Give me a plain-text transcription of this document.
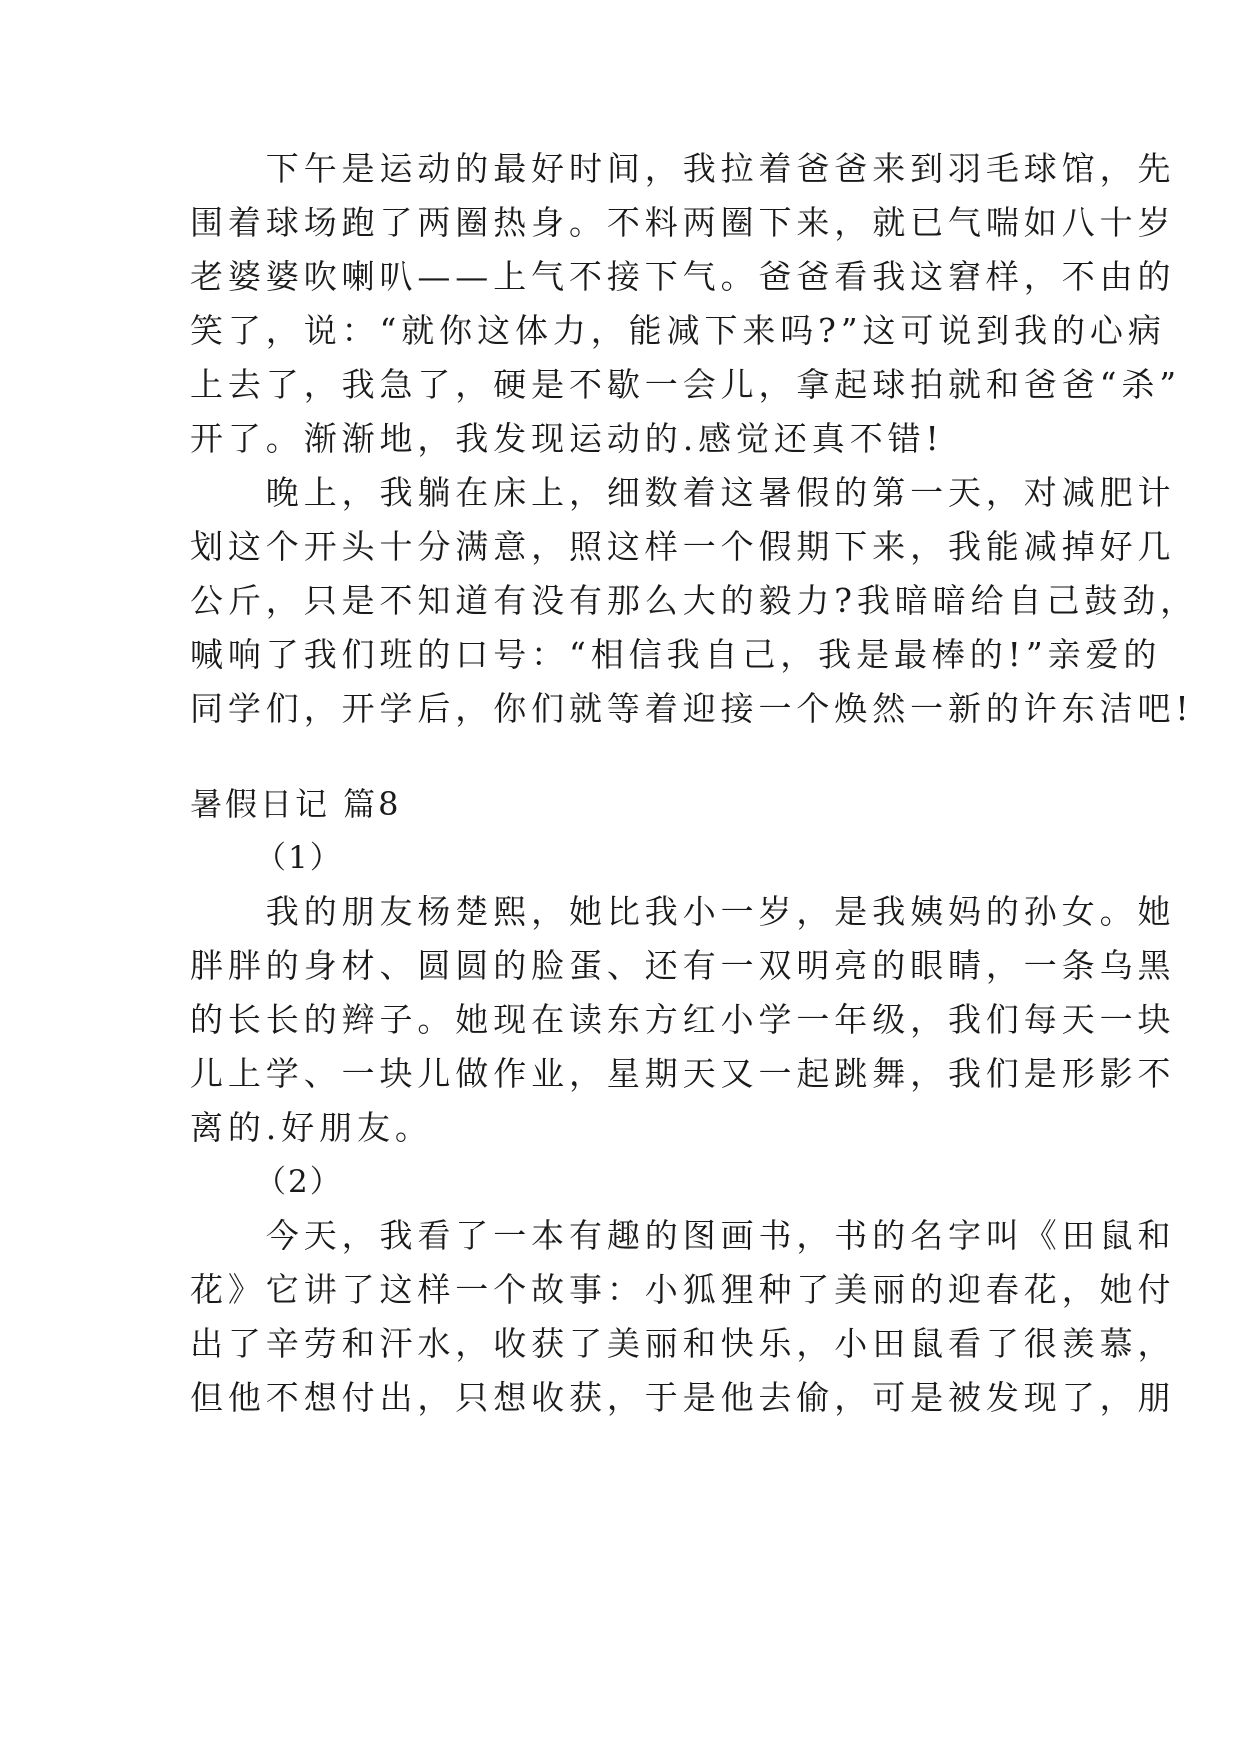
　　下午是运动的最好时间，我拉着爸爸来到羽毛球馆，先
围着球场跑了两圈热身。不料两圈下来，就已气喘如八十岁
老婆婆吹喇叭——上气不接下气。爸爸看我这窘样，不由的
笑了，说：“就你这体力，能减下来吗?”这可说到我的心病
上去了，我急了，硬是不歇一会儿，拿起球拍就和爸爸“杀”
开了。渐渐地，我发现运动的.感觉还真不错!
　　晚上，我躺在床上，细数着这暑假的第一天，对减肥计
划这个开头十分满意，照这样一个假期下来，我能减掉好几
公斤，只是不知道有没有那么大的毅力?我暗暗给自己鼓劲，
喊响了我们班的口号：“相信我自己，我是最棒的!”亲爱的
同学们，开学后，你们就等着迎接一个焕然一新的许东洁吧!
暑假日记 篇8
（1）
　　我的朋友杨楚熙，她比我小一岁，是我姨妈的孙女。她
胖胖的身材、圆圆的脸蛋、还有一双明亮的眼睛，一条乌黑
的长长的辫子。她现在读东方红小学一年级，我们每天一块
儿上学、一块儿做作业，星期天又一起跳舞，我们是形影不
离的.好朋友。
（2）
　　今天，我看了一本有趣的图画书，书的名字叫《田鼠和
花》它讲了这样一个故事：小狐狸种了美丽的迎春花，她付
出了辛劳和汗水，收获了美丽和快乐，小田鼠看了很羡慕，
但他不想付出，只想收获，于是他去偷，可是被发现了，朋
